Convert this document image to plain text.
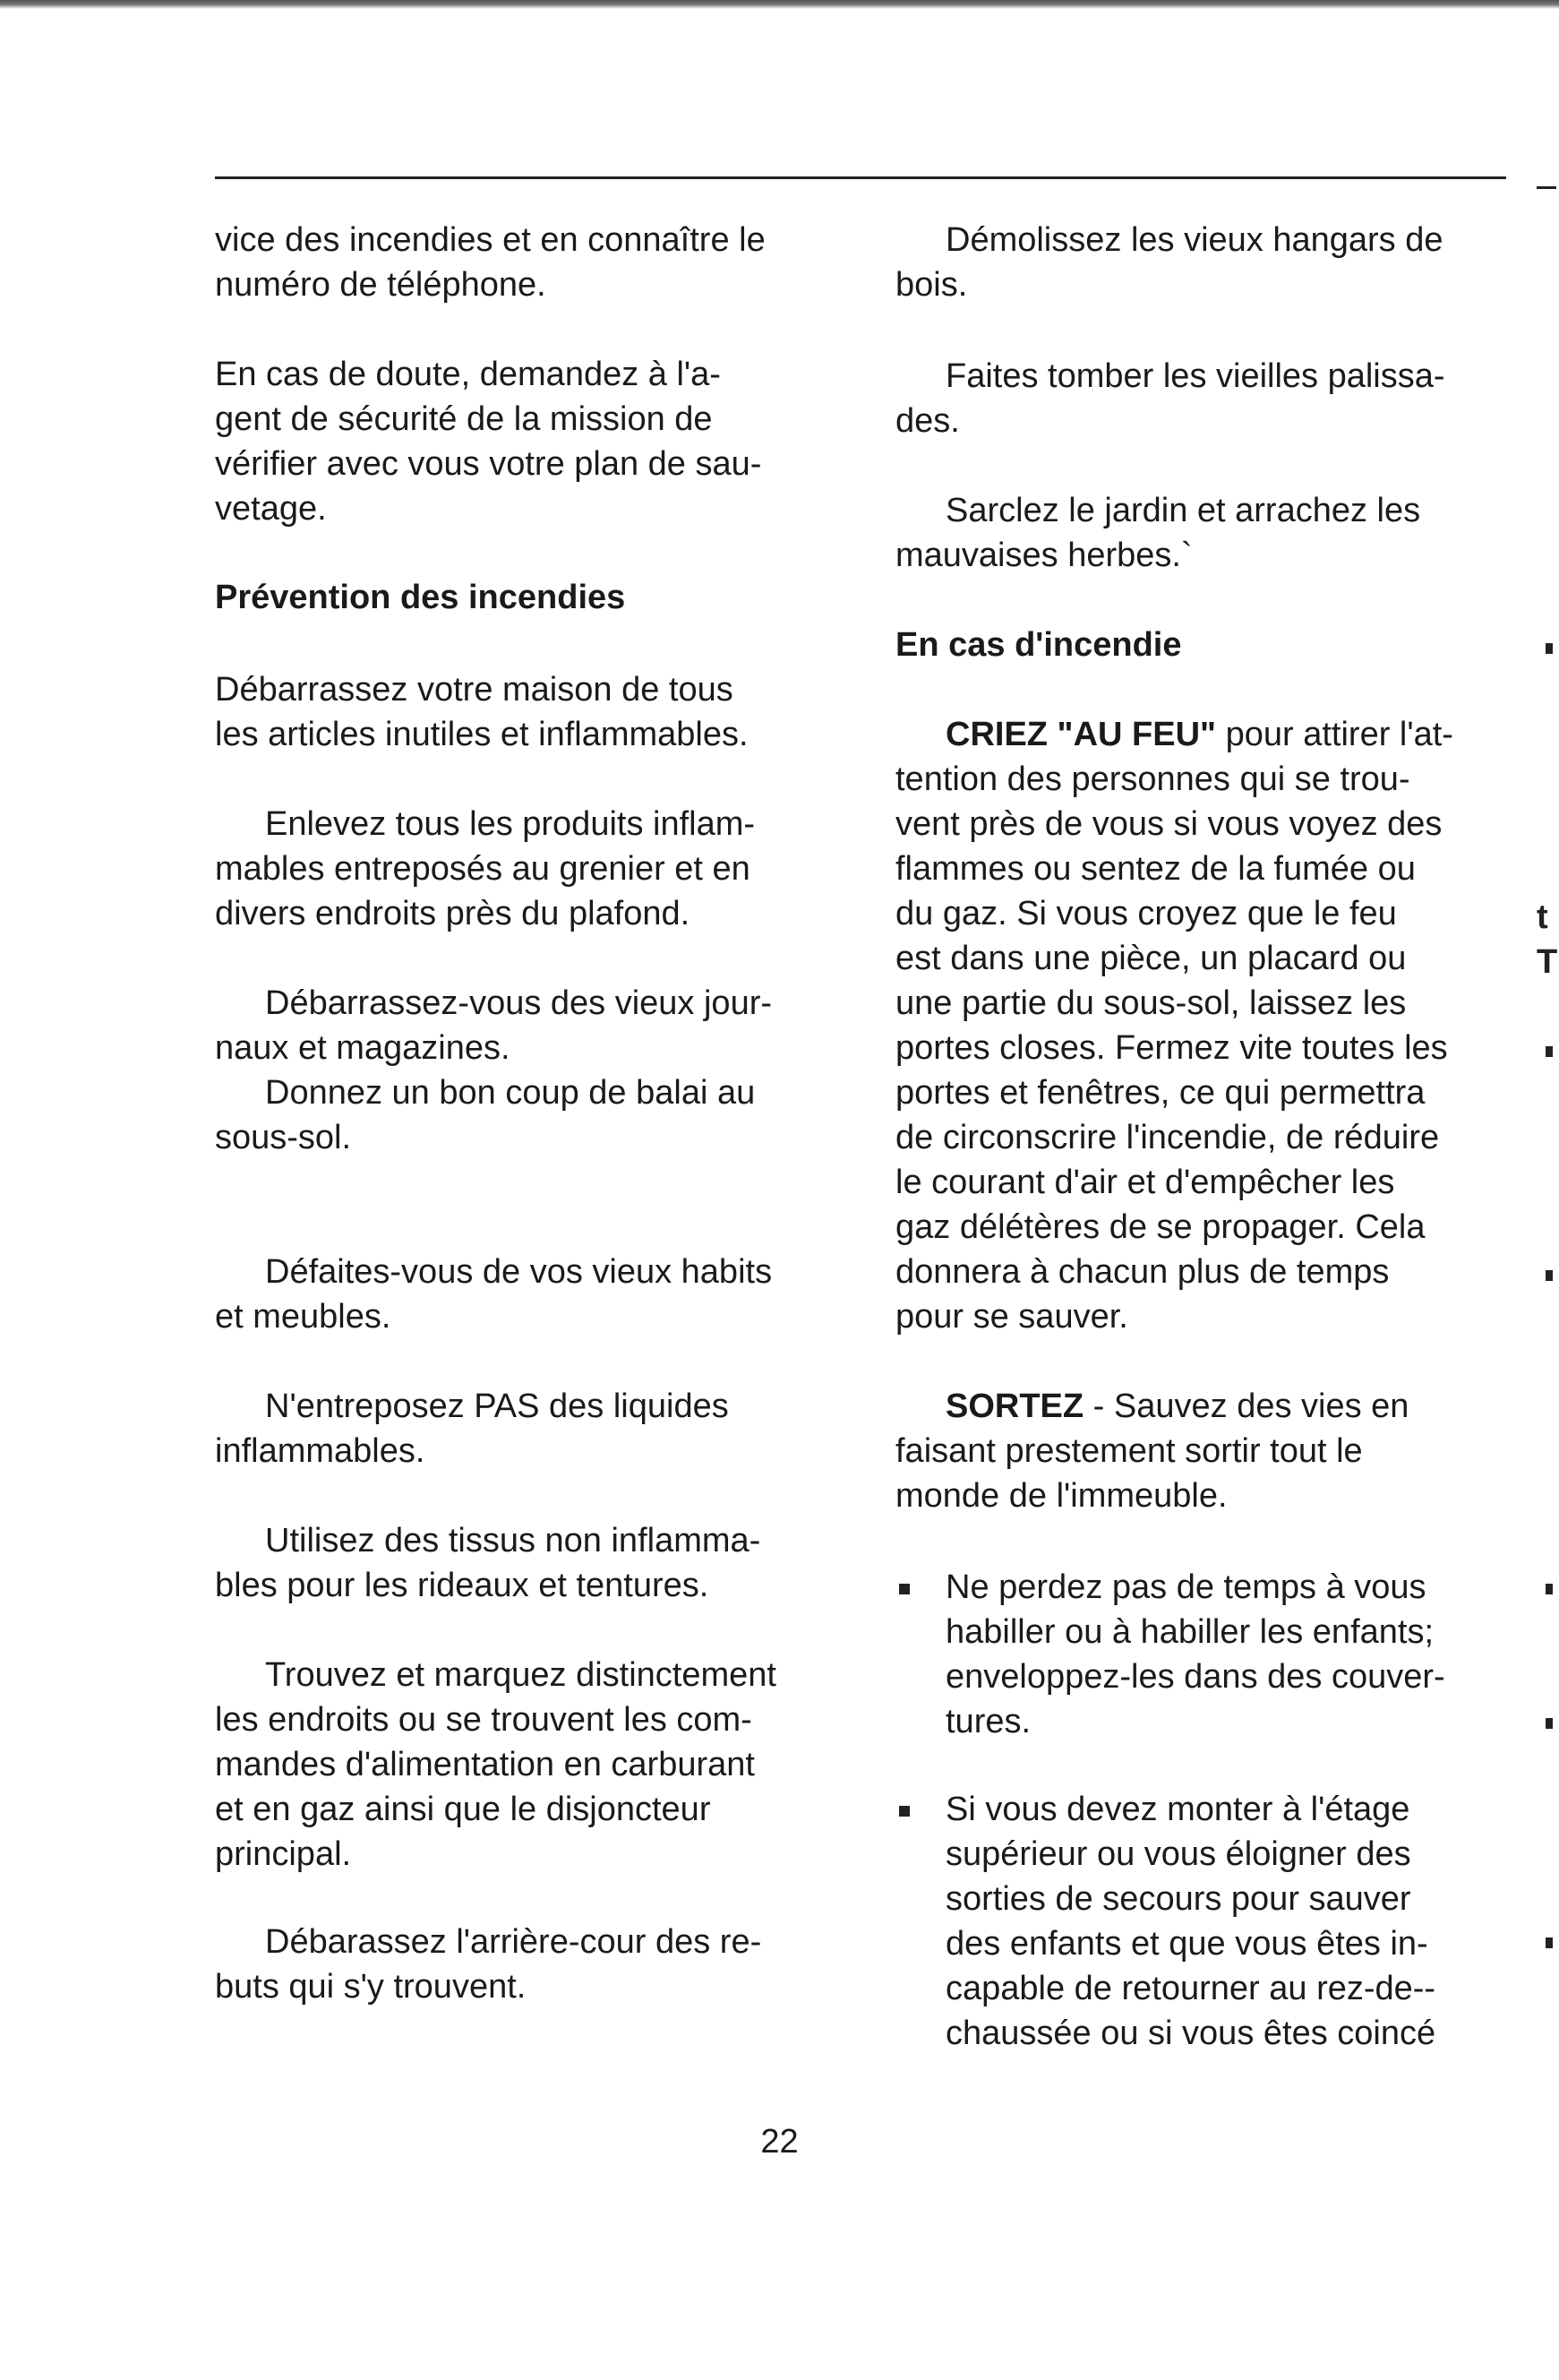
vice des incendies et en connaître le
numéro de téléphone.

En cas de doute, demandez à l'a-
gent de sécurité de la mission de
vérifier avec vous votre plan de sau-
vetage.

Prévention des incendies

Débarrassez votre maison de tous
les articles inutiles et inflammables.

Enlevez tous les produits inflam-
mables entreposés au grenier et en
divers endroits près du plafond.

Débarrassez-vous des vieux jour-
naux et magazines.

Donnez un bon coup de balai au
sous-sol.

Défaites-vous de vos vieux habits
et meubles.

N'entreposez PAS des liquides
inflammables.

Utilisez des tissus non inflamma-
bles pour les rideaux et tentures.

Trouvez et marquez distinctement
les endroits ou se trouvent les com-
mandes d'alimentation en carburant
et en gaz ainsi que le disjoncteur
principal.

Débarassez l'arrière-cour des re-
buts qui s'y trouvent.

Démolissez les vieux hangars de
bois.

Faites tomber les vieilles palissa-
des.

Sarclez le jardin et arrachez les
mauvaises herbes.`

En cas d'incendie

CRIEZ "AU FEU" pour attirer l'at-
tention des personnes qui se trou-
vent près de vous si vous voyez des
flammes ou sentez de la fumée ou
du gaz. Si vous croyez que le feu
est dans une pièce, un placard ou
une partie du sous-sol, laissez les
portes closes. Fermez vite toutes les
portes et fenêtres, ce qui permettra
de circonscrire l'incendie, de réduire
le courant d'air et d'empêcher les
gaz délétères de se propager. Cela
donnera à chacun plus de temps
pour se sauver.

SORTEZ - Sauvez des vies en
faisant prestement sortir tout le
monde de l'immeuble.

Ne perdez pas de temps à vous
habiller ou à habiller les enfants;
enveloppez-les dans des couver-
tures.

Si vous devez monter à l'étage
supérieur ou vous éloigner des
sorties de secours pour sauver
des enfants et que vous êtes in-
capable de retourner au rez-de--
chaussée ou si vous êtes coincé

t
T
22
